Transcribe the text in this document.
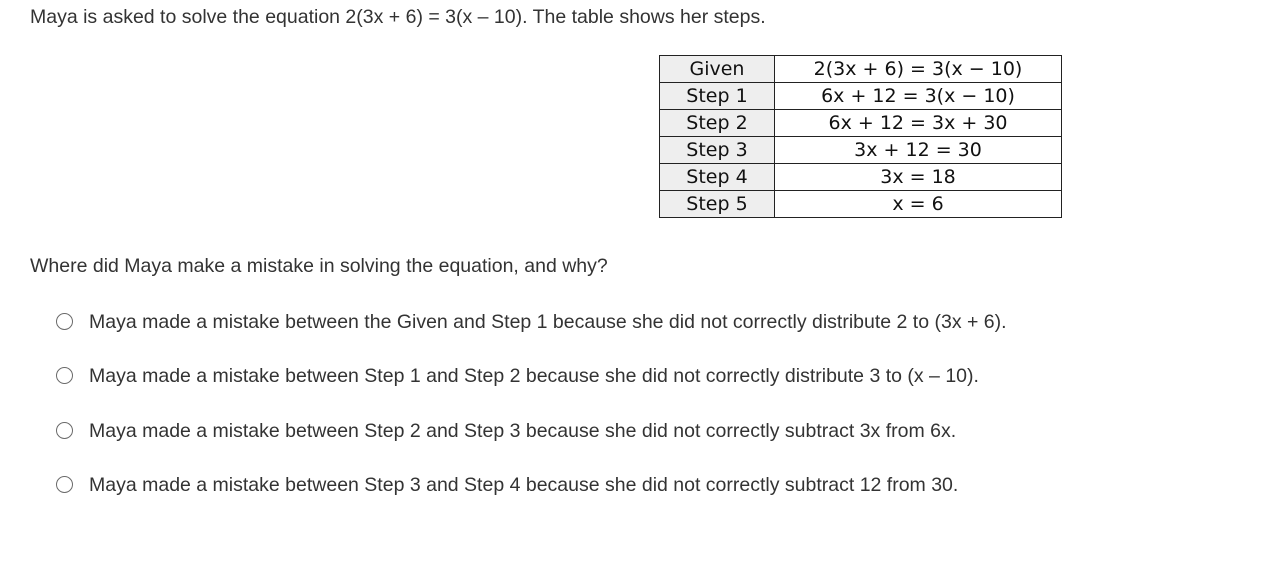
Maya is asked to solve the equation 2(3x + 6) = 3(x – 10). The table shows her steps.
Given	2(3x + 6) = 3(x − 10)
Step 1	6x + 12 = 3(x − 10)
Step 2	6x + 12 = 3x + 30
Step 3	3x + 12 = 30
Step 4	3x = 18
Step 5	x = 6
Where did Maya make a mistake in solving the equation, and why?
Maya made a mistake between the Given and Step 1 because she did not correctly distribute 2 to (3x + 6).
Maya made a mistake between Step 1 and Step 2 because she did not correctly distribute 3 to (x – 10).
Maya made a mistake between Step 2 and Step 3 because she did not correctly subtract 3x from 6x.
Maya made a mistake between Step 3 and Step 4 because she did not correctly subtract 12 from 30.
